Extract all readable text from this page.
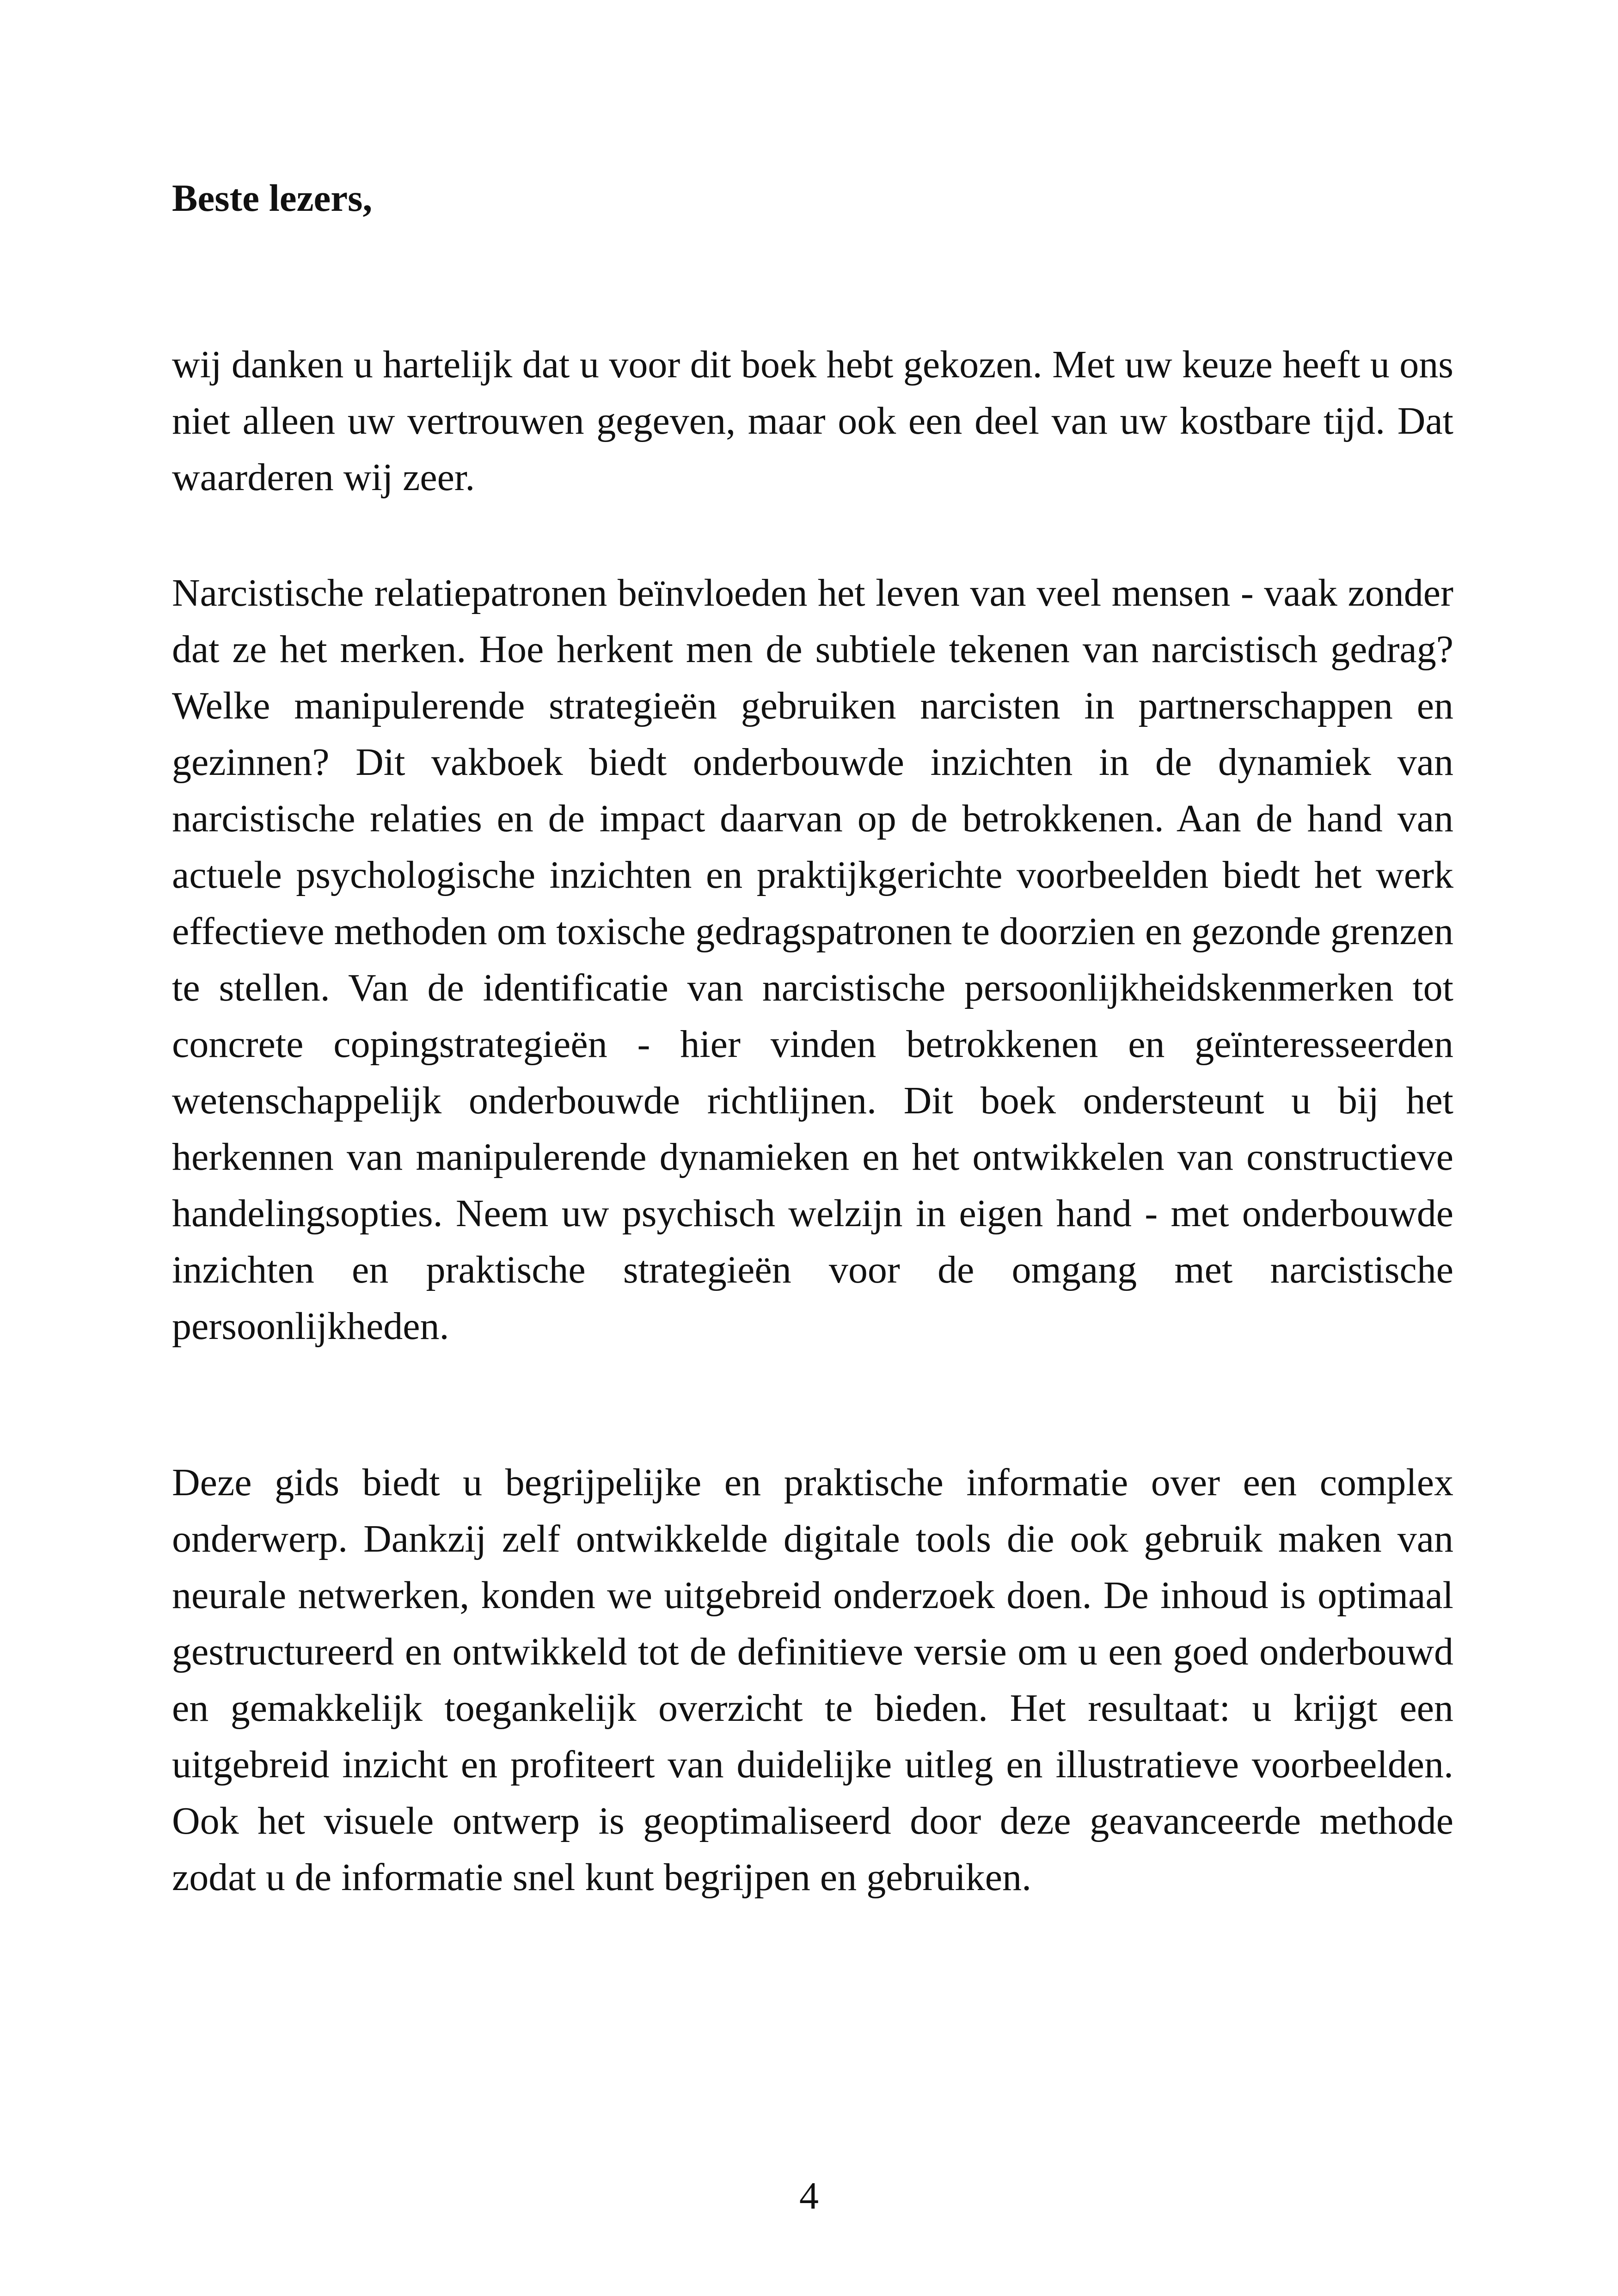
Beste lezers,

wij danken u hartelijk dat u voor dit boek hebt gekozen. Met uw keuze heeft u ons niet alleen uw vertrouwen gegeven, maar ook een deel van uw kostbare tijd. Dat waarderen wij zeer.

Narcistische relatiepatronen beïnvloeden het leven van veel mensen - vaak zonder dat ze het merken. Hoe herkent men de subtiele tekenen van narcistisch gedrag? Welke manipulerende strategieën gebruiken narcisten in partnerschappen en gezinnen? Dit vakboek biedt onderbouwde inzichten in de dynamiek van narcistische relaties en de impact daarvan op de betrokkenen. Aan de hand van actuele psychologische inzichten en praktijkgerichte voorbeelden biedt het werk effectieve methoden om toxische gedragspatronen te doorzien en gezonde grenzen te stellen. Van de identificatie van narcistische persoonlijkheidskenmerken tot concrete copingstrategieën - hier vinden betrokkenen en geïnteresseerden wetenschappelijk onderbouwde richtlijnen. Dit boek ondersteunt u bij het herkennen van manipulerende dynamieken en het ontwikkelen van constructieve handelingsopties. Neem uw psychisch welzijn in eigen hand - met onderbouwde inzichten en praktische strategieën voor de omgang met narcistische persoonlijkheden.

Deze gids biedt u begrijpelijke en praktische informatie over een complex onderwerp. Dankzij zelf ontwikkelde digitale tools die ook gebruik maken van neurale netwerken, konden we uitgebreid onderzoek doen. De inhoud is optimaal gestructureerd en ontwikkeld tot de definitieve versie om u een goed onderbouwd en gemakkelijk toegankelijk overzicht te bieden. Het resultaat: u krijgt een uitgebreid inzicht en profiteert van duidelijke uitleg en illustratieve voorbeelden. Ook het visuele ontwerp is geoptimaliseerd door deze geavanceerde methode zodat u de informatie snel kunt begrijpen en gebruiken.

4
